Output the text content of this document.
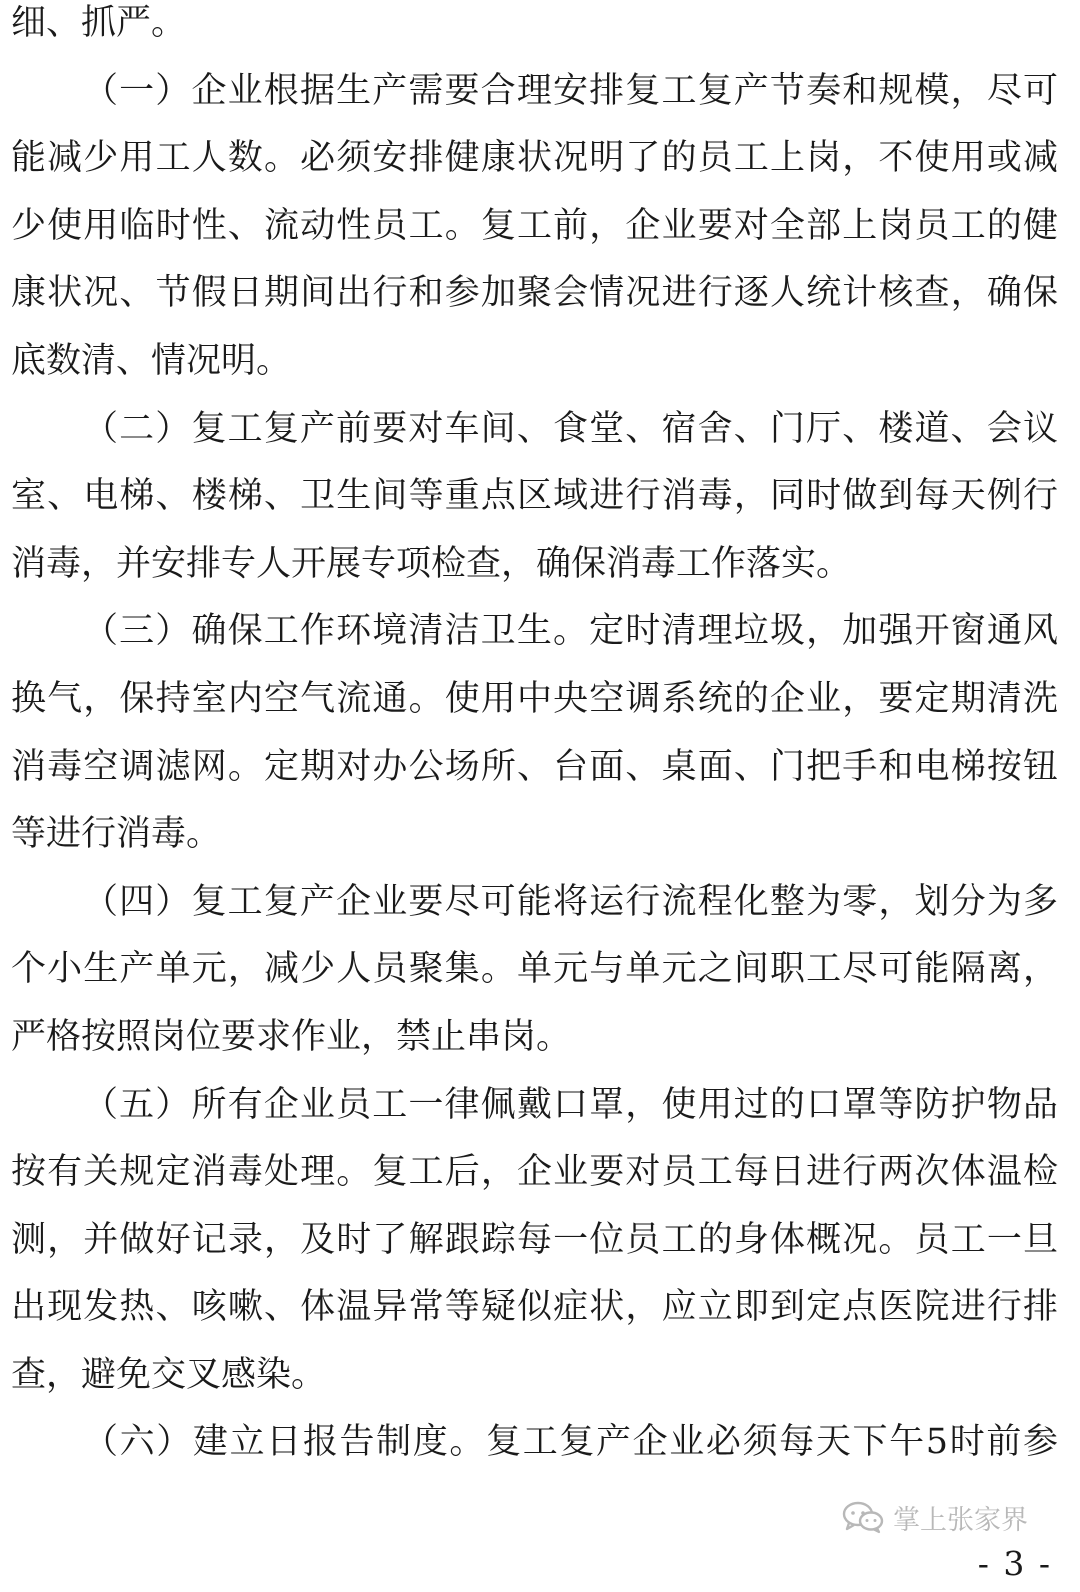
细、抓严。
（一）企业根据生产需要合理安排复工复产节奏和规模，尽可
能减少用工人数。必须安排健康状况明了的员工上岗，不使用或减
少使用临时性、流动性员工。复工前，企业要对全部上岗员工的健
康状况、节假日期间出行和参加聚会情况进行逐人统计核查，确保
底数清、情况明。
（二）复工复产前要对车间、食堂、宿舍、门厅、楼道、会议
室、电梯、楼梯、卫生间等重点区域进行消毒，同时做到每天例行
消毒，并安排专人开展专项检查，确保消毒工作落实。
（三）确保工作环境清洁卫生。定时清理垃圾，加强开窗通风
换气，保持室内空气流通。使用中央空调系统的企业，要定期清洗
消毒空调滤网。定期对办公场所、台面、桌面、门把手和电梯按钮
等进行消毒。
（四）复工复产企业要尽可能将运行流程化整为零，划分为多
个小生产单元，减少人员聚集。单元与单元之间职工尽可能隔离，
严格按照岗位要求作业，禁止串岗。
（五）所有企业员工一律佩戴口罩，使用过的口罩等防护物品
按有关规定消毒处理。复工后，企业要对员工每日进行两次体温检
测，并做好记录，及时了解跟踪每一位员工的身体概况。员工一旦
出现发热、咳嗽、体温异常等疑似症状，应立即到定点医院进行排
查，避免交叉感染。
（六）建立日报告制度。复工复产企业必须每天下午5时前参
掌上张家界
- 3 -
